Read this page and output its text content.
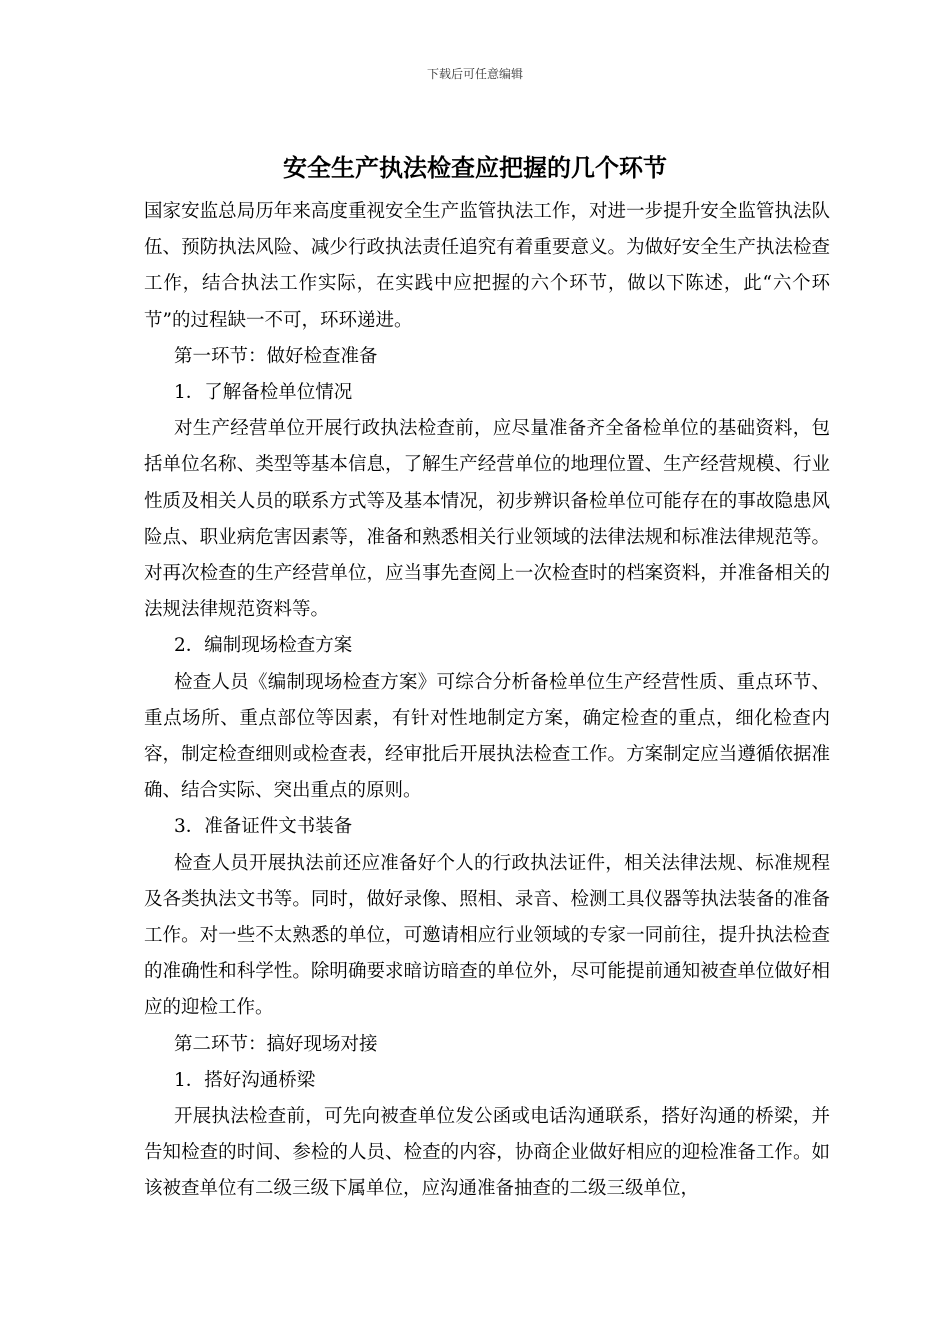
下载后可任意编辑
安全生产执法检查应把握的几个环节

国家安监总局历年来高度重视安全生产监管执法工作，对进一步提升安全监管执法队伍、预防执法风险、减少行政执法责任追究有着重要意义。为做好安全生产执法检查工作，结合执法工作实际，在实践中应把握的六个环节，做以下陈述，此“六个环节”的过程缺一不可，环环递进。

第一环节：做好检查准备

1．了解备检单位情况

对生产经营单位开展行政执法检查前，应尽量准备齐全备检单位的基础资料，包括单位名称、类型等基本信息，了解生产经营单位的地理位置、生产经营规模、行业性质及相关人员的联系方式等及基本情况，初步辨识备检单位可能存在的事故隐患风险点、职业病危害因素等，准备和熟悉相关行业领域的法律法规和标准法律规范等。对再次检查的生产经营单位，应当事先查阅上一次检查时的档案资料，并准备相关的法规法律规范资料等。

2．编制现场检查方案

检查人员《编制现场检查方案》可综合分析备检单位生产经营性质、重点环节、重点场所、重点部位等因素，有针对性地制定方案，确定检查的重点，细化检查内容，制定检查细则或检查表，经审批后开展执法检查工作。方案制定应当遵循依据准确、结合实际、突出重点的原则。

3．准备证件文书装备

检查人员开展执法前还应准备好个人的行政执法证件，相关法律法规、标准规程及各类执法文书等。同时，做好录像、照相、录音、检测工具仪器等执法装备的准备工作。对一些不太熟悉的单位，可邀请相应行业领域的专家一同前往，提升执法检查的准确性和科学性。除明确要求暗访暗查的单位外，尽可能提前通知被查单位做好相应的迎检工作。

第二环节：搞好现场对接

1．搭好沟通桥梁

开展执法检查前，可先向被查单位发公函或电话沟通联系，搭好沟通的桥梁，并告知检查的时间、参检的人员、检查的内容，协商企业做好相应的迎检准备工作。如该被查单位有二级三级下属单位，应沟通准备抽查的二级三级单位，
